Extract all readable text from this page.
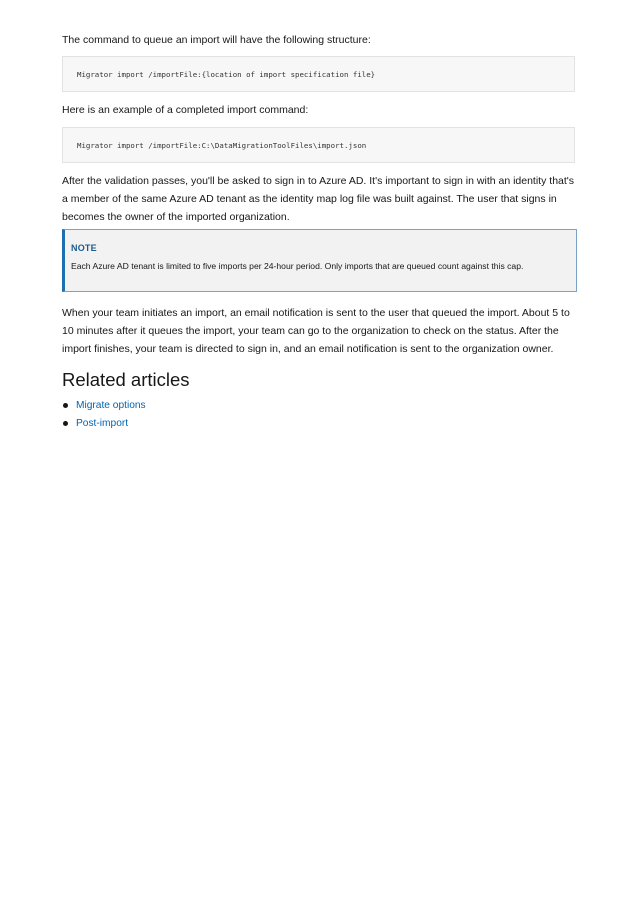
The command to queue an import will have the following structure:

Migrator import /importFile:{location of import specification file}

Here is an example of a completed import command:

Migrator import /importFile:C:\DataMigrationToolFiles\import.json

After the validation passes, you'll be asked to sign in to Azure AD. It's important to sign in with an identity that's
a member of the same Azure AD tenant as the identity map log file was built against. The user that signs in
becomes the owner of the imported organization.

NOTE

Each Azure AD tenant is limited to five imports per 24-hour period. Only imports that are queued count against this cap.

When your team initiates an import, an email notification is sent to the user that queued the import. About 5 to
10 minutes after it queues the import, your team can go to the organization to check on the status. After the
import finishes, your team is directed to sign in, and an email notification is sent to the organization owner.

Related articles
Migrate options
Post-import
